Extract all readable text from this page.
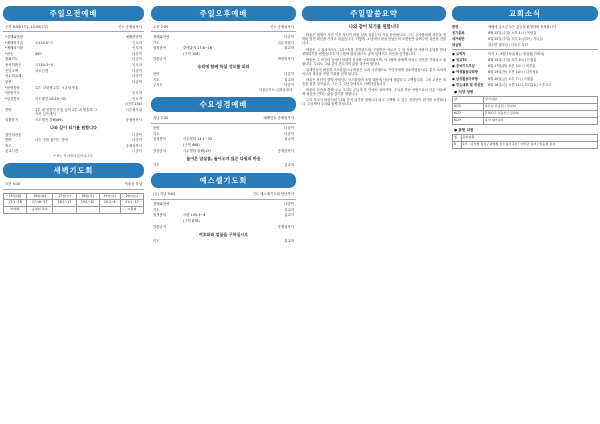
주일오전예배
오전 8:50(1부), 10:50(2부)	인도 송재천목사
*경배와찬양	예배찬양팀
*예배의부름	시130:5~7	인도자
*예배의기원	인도자
*찬송	490	다같이
참회기도	다같이
용서의확신	시130:3~4	인도자
신앙고백	사도신경	다같이
성도의교제	다같이
봉헌	다같이
*봉헌찬양	1부: 다함께 2부: 시온성가대
*봉헌기도	인도자
*성경봉독	사도행전 28:19~32	인도자
(신약 234)
찬양	1부 내 영혼이 은총 입어 2부 내 영혼의 그윽히 깊은데서
시온성가대
말씀증거	사도행전 강해(66)	송재천목사
나와 같이 되기를 원합니다
결단의찬송	다같이
찬양	나는 주를 섬기는 것에	다같이
축도	송재천목사
친교시간	다같이
* 표는 자리에서 일어납니다.
새벽기도회
오전 5:30	역대상 묵상
15일(월)	16일(화)	17일(수)	18일(목)	19일(금)	20일(토)
17:1~16	17:16~27	18:1~17	19:1~20	20:1~8	21:1~17
박세철	송재천 목사				이원철
주일오후예배
오후 2:00	인도 송재천목사
경배와찬양	다같이
기도	김수정집사
성경봉독	출애굽기 17:8~16	설교자
(구약 108)
말씀증거	박성영목사
승리에 함께 하실 성도를 되라
찬양	다같이
기도	설교자
주기도	다같이
다음주기도: 김창훈집사
수요성경예배
저녁 7:30	예배인도 송재천목사
찬양	다같이
기도	다같이
성경봉독	사무엘하 14:1~33	설교자
(구약 468)
말씀증거	사무엘하 강해(19)	송재천목사
들어온 압살롬, 돌아오지 않은 다윗의 마음
기도	설교자
예스셀기도회
(금) 저녁 9:00	인도 예스셀기도회 담당목사
경배와찬양	다같이
기도	설교자
성경봉독	시편 105:3~4	설교자
(구약 876)
말씀증거	송재천목사
여호와와 얼굴을 구하십시오
기도	설교자
주일말씀요약
나와 같이 되기를 원합니다

바울은 대제사 사건 이후 자신이 어떤 삶을 살았는지 거듭 증언합니다. 그는 두사람에게 복음을 전하며 영적 확신을 가지고 살았습니다. 어떻게 그 당에서 왕을 만났는지 오랫동안 들려주며 복음을 전합니다.

바울은 그 위치에서도 그리스도를 전하였으며, 구원받은 자로서 그 한 사람 한 사람이 주님을 만나 변화되기를 원했습니다. 아그립바 왕과 베스도 총독 앞에서도 복음을 증거합니다.

바울은 그 비진리 앞에서 담대히 진리를 선포하였으며, 아그립바 왕에게 당신도 믿음을 가지라고 권합니다. 우리도 그와 같이 전도자의 삶을 살아야 합니다.

유대인들이 바울을 고소하였으나 바울은 로마 시민권으로 가이사에게 상소하였습니다. 결국 로마에 이르러 복음을 전할 기회를 얻게 됩니다.

바울은 자신의 결박 속에서도 이스라엘의 소망 때문에 사슬에 매였다고 고백합니다. 그의 고난은 복음을 위한 것이었고, 그는 그 고난 중에서도 기뻐하였습니다.

바울의 모습을 통해 오늘 우리도 주님의 뜻 안에서 살아가며, 주님을 만난 사람으로서 다른 이들에게 복음을 전하는 삶을 살기를 원합니다.

우리 모두가 바울처럼 '나와 같이 되기를 원합니다'라고 고백할 수 있는 신앙인이 되기를 소망합니다. 주님께서 우리와 함께 하십니다.

교회소식
환영	예배에 나오신 모든 분들을 환영하며 축복합니다.
정기총회	6월 15일(주일) 오후 1시 / 목양실
새가족반	6월 25일(주일) 오후 2시부터 / 사무실
대심방	강수연 권사님 / 다음주 부터
● 교역자	목사 1 : 6월 15일(월) / 정성원(전체차)
● 청교TC	6월 15일(주일) 오후 4시 / 드림홀
● 중보기도모임	6월 17일(화) 오전 10시 / 비전홀
● 여성활동다락방	6월 19일(목) 오전 10시 / 다목적실
● 남성활동다락방	6월 20일(금) 오후 7시 / 드림홀
● 전도대회 및 새성전	6월 18일(수) 오전 11시, 21일(토) 오후 2시
● 식당 당번
날	설거지팀
6/15	호산나 찬송팀 / 권사회
6/22	은혜나무 꽃동산 / 집사회
6/29	중식 새가족부
● 봉헌 위원
월	봉헌위원
6	1부 : 김상철 집사 / 최병철 안수집사 2부 : 이학균 집사 / 임동철 집사
